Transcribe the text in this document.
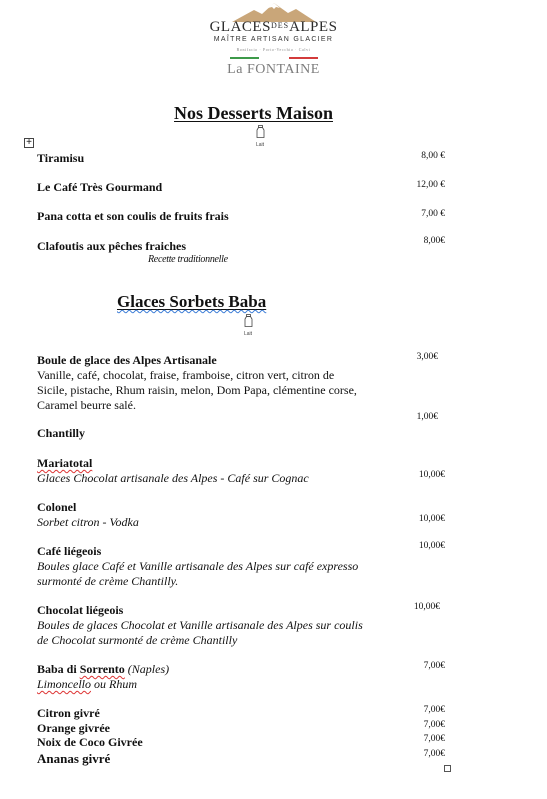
$GLACES^{DES}ALPES$
MAÎTRE ARTISAN GLACIER
Bonifacio · Porto-Vecchio · Calvi
La FONTAINE
Nos Desserts Maison
Lait
+
Tiramisu	8,00 €
Le Café Très Gourmand	12,00 €
Pana cotta et son coulis de fruits frais	7,00 €
Clafoutis aux pêches fraiches
Recette traditionnelle
8,00€
Glaces Sorbets Baba
Lait
Boule de glace des Alpes Artisanale
Vanille, café, chocolat, fraise, framboise, citron vert, citron de Sicile, pistache, Rhum raisin, melon, Dom Papa, clémentine corse, Caramel beurre salé.
3,00€
Chantilly
1,00€
Mariatotal
Glaces Chocolat artisanale des Alpes - Café sur Cognac	10,00€
Colonel
Sorbet citron - Vodka	10,00€
Café liégeois
Boules glace Café et Vanille artisanale des Alpes sur café expresso surmonté de crème Chantilly.
10,00€
Chocolat liégeois
Boules de glaces Chocolat et Vanille artisanale des Alpes sur coulis de Chocolat surmonté de crème Chantilly
10,00€
Baba di Sorrento (Naples)
Limoncello ou Rhum
7,00€
Citron givré	7,00€
Orange givrée	7,00€
Noix de Coco Givrée	7,00€
Ananas givré	7,00€
